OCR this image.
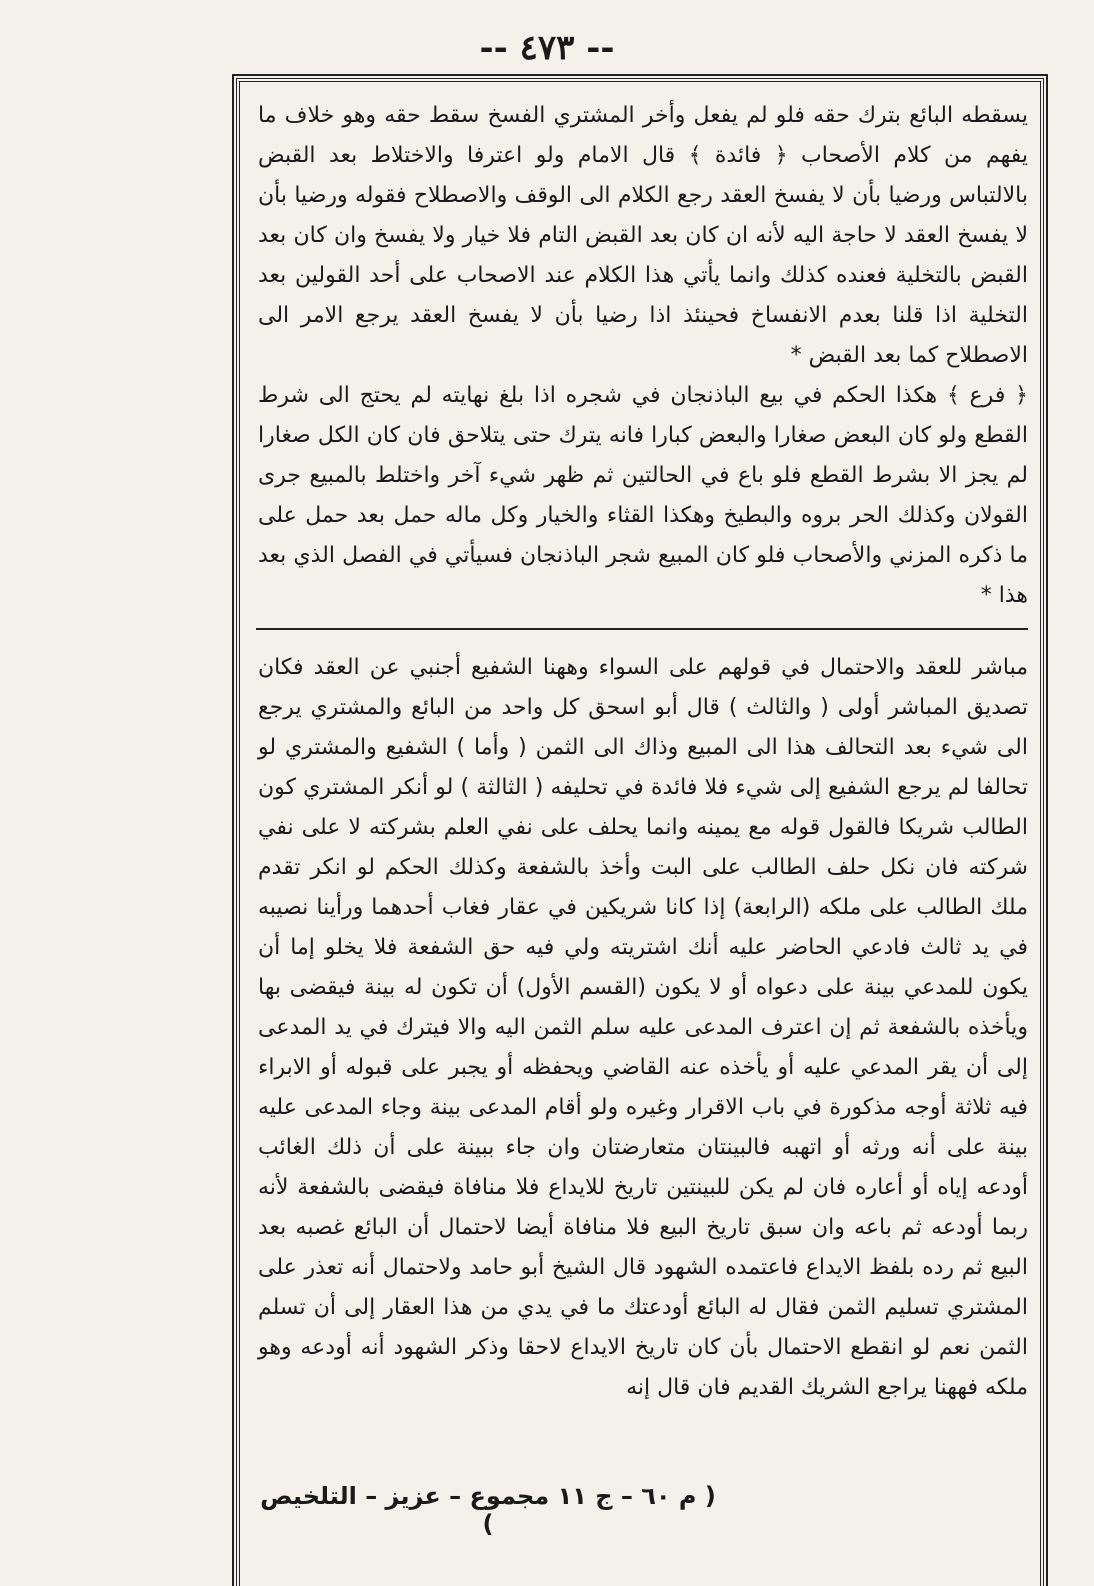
-- ٤٧٣ --

يسقطه البائع بترك حقه فلو لم يفعل وأخر المشتري الفسخ سقط حقه وهو خلاف ما يفهم من كلام الأصحاب ﴿ فائدة ﴾ قال الامام ولو اعترفا والاختلاط بعد القبض بالالتباس ورضيا بأن لا يفسخ العقد رجع الكلام الى الوقف والاصطلاح فقوله ورضيا بأن لا يفسخ العقد لا حاجة اليه لأنه ان كان بعد القبض التام فلا خيار ولا يفسخ وان كان بعد القبض بالتخلية فعنده كذلك وانما يأتي هذا الكلام عند الاصحاب على أحد القولين بعد التخلية اذا قلنا بعدم الانفساخ فحينئذ اذا رضيا بأن لا يفسخ العقد يرجع الامر الى الاصطلاح كما بعد القبض *

﴿ فرع ﴾ هكذا الحكم في بيع الباذنجان في شجره اذا بلغ نهايته لم يحتج الى شرط القطع ولو كان البعض صغارا والبعض كبارا فانه يترك حتى يتلاحق فان كان الكل صغارا لم يجز الا بشرط القطع فلو باع في الحالتين ثم ظهر شيء آخر واختلط بالمبيع جرى القولان وكذلك الحر بروه والبطيخ وهكذا القثاء والخيار وكل ماله حمل بعد حمل على ما ذكره المزني والأصحاب فلو كان المبيع شجر الباذنجان فسيأتي في الفصل الذي بعد هذا *

مباشر للعقد والاحتمال في قولهم على السواء وههنا الشفيع أجنبي عن العقد فكان تصديق المباشر أولى ( والثالث ) قال أبو اسحق كل واحد من البائع والمشتري يرجع الى شيء بعد التحالف هذا الى المبيع وذاك الى الثمن ( وأما ) الشفيع والمشتري لو تحالفا لم يرجع الشفيع إلى شيء فلا فائدة في تحليفه ( الثالثة ) لو أنكر المشتري كون الطالب شريكا فالقول قوله مع يمينه وانما يحلف على نفي العلم بشركته لا على نفي شركته فان نكل حلف الطالب على البت وأخذ بالشفعة وكذلك الحكم لو انكر تقدم ملك الطالب على ملكه (الرابعة) إذا كانا شريكين في عقار فغاب أحدهما ورأينا نصيبه في يد ثالث فادعي الحاضر عليه أنك اشتريته ولي فيه حق الشفعة فلا يخلو إما أن يكون للمدعي بينة على دعواه أو لا يكون (القسم الأول) أن تكون له بينة فيقضى بها ويأخذه بالشفعة ثم إن اعترف المدعى عليه سلم الثمن اليه والا فيترك في يد المدعى إلى أن يقر المدعي عليه أو يأخذه عنه القاضي ويحفظه أو يجبر على قبوله أو الابراء فيه ثلاثة أوجه مذكورة في باب الاقرار وغيره ولو أقام المدعى بينة وجاء المدعى عليه بينة على أنه ورثه أو اتهبه فالبينتان متعارضتان وان جاء ببينة على أن ذلك الغائب أودعه إياه أو أعاره فان لم يكن للبينتين تاريخ للايداع فلا منافاة فيقضى بالشفعة لأنه ربما أودعه ثم باعه وان سبق تاريخ البيع فلا منافاة أيضا لاحتمال أن البائع غصبه بعد البيع ثم رده بلفظ الايداع فاعتمده الشهود قال الشيخ أبو حامد ولاحتمال أنه تعذر على المشتري تسليم الثمن فقال له البائع أودعتك ما في يدي من هذا العقار إلى أن تسلم الثمن نعم لو انقطع الاحتمال بأن كان تاريخ الايداع لاحقا وذكر الشهود أنه أودعه وهو ملكه فههنا يراجع الشريك القديم فان قال إنه

( م ٦٠ – ج ١١ مجموع – عزيز – التلخيص )
